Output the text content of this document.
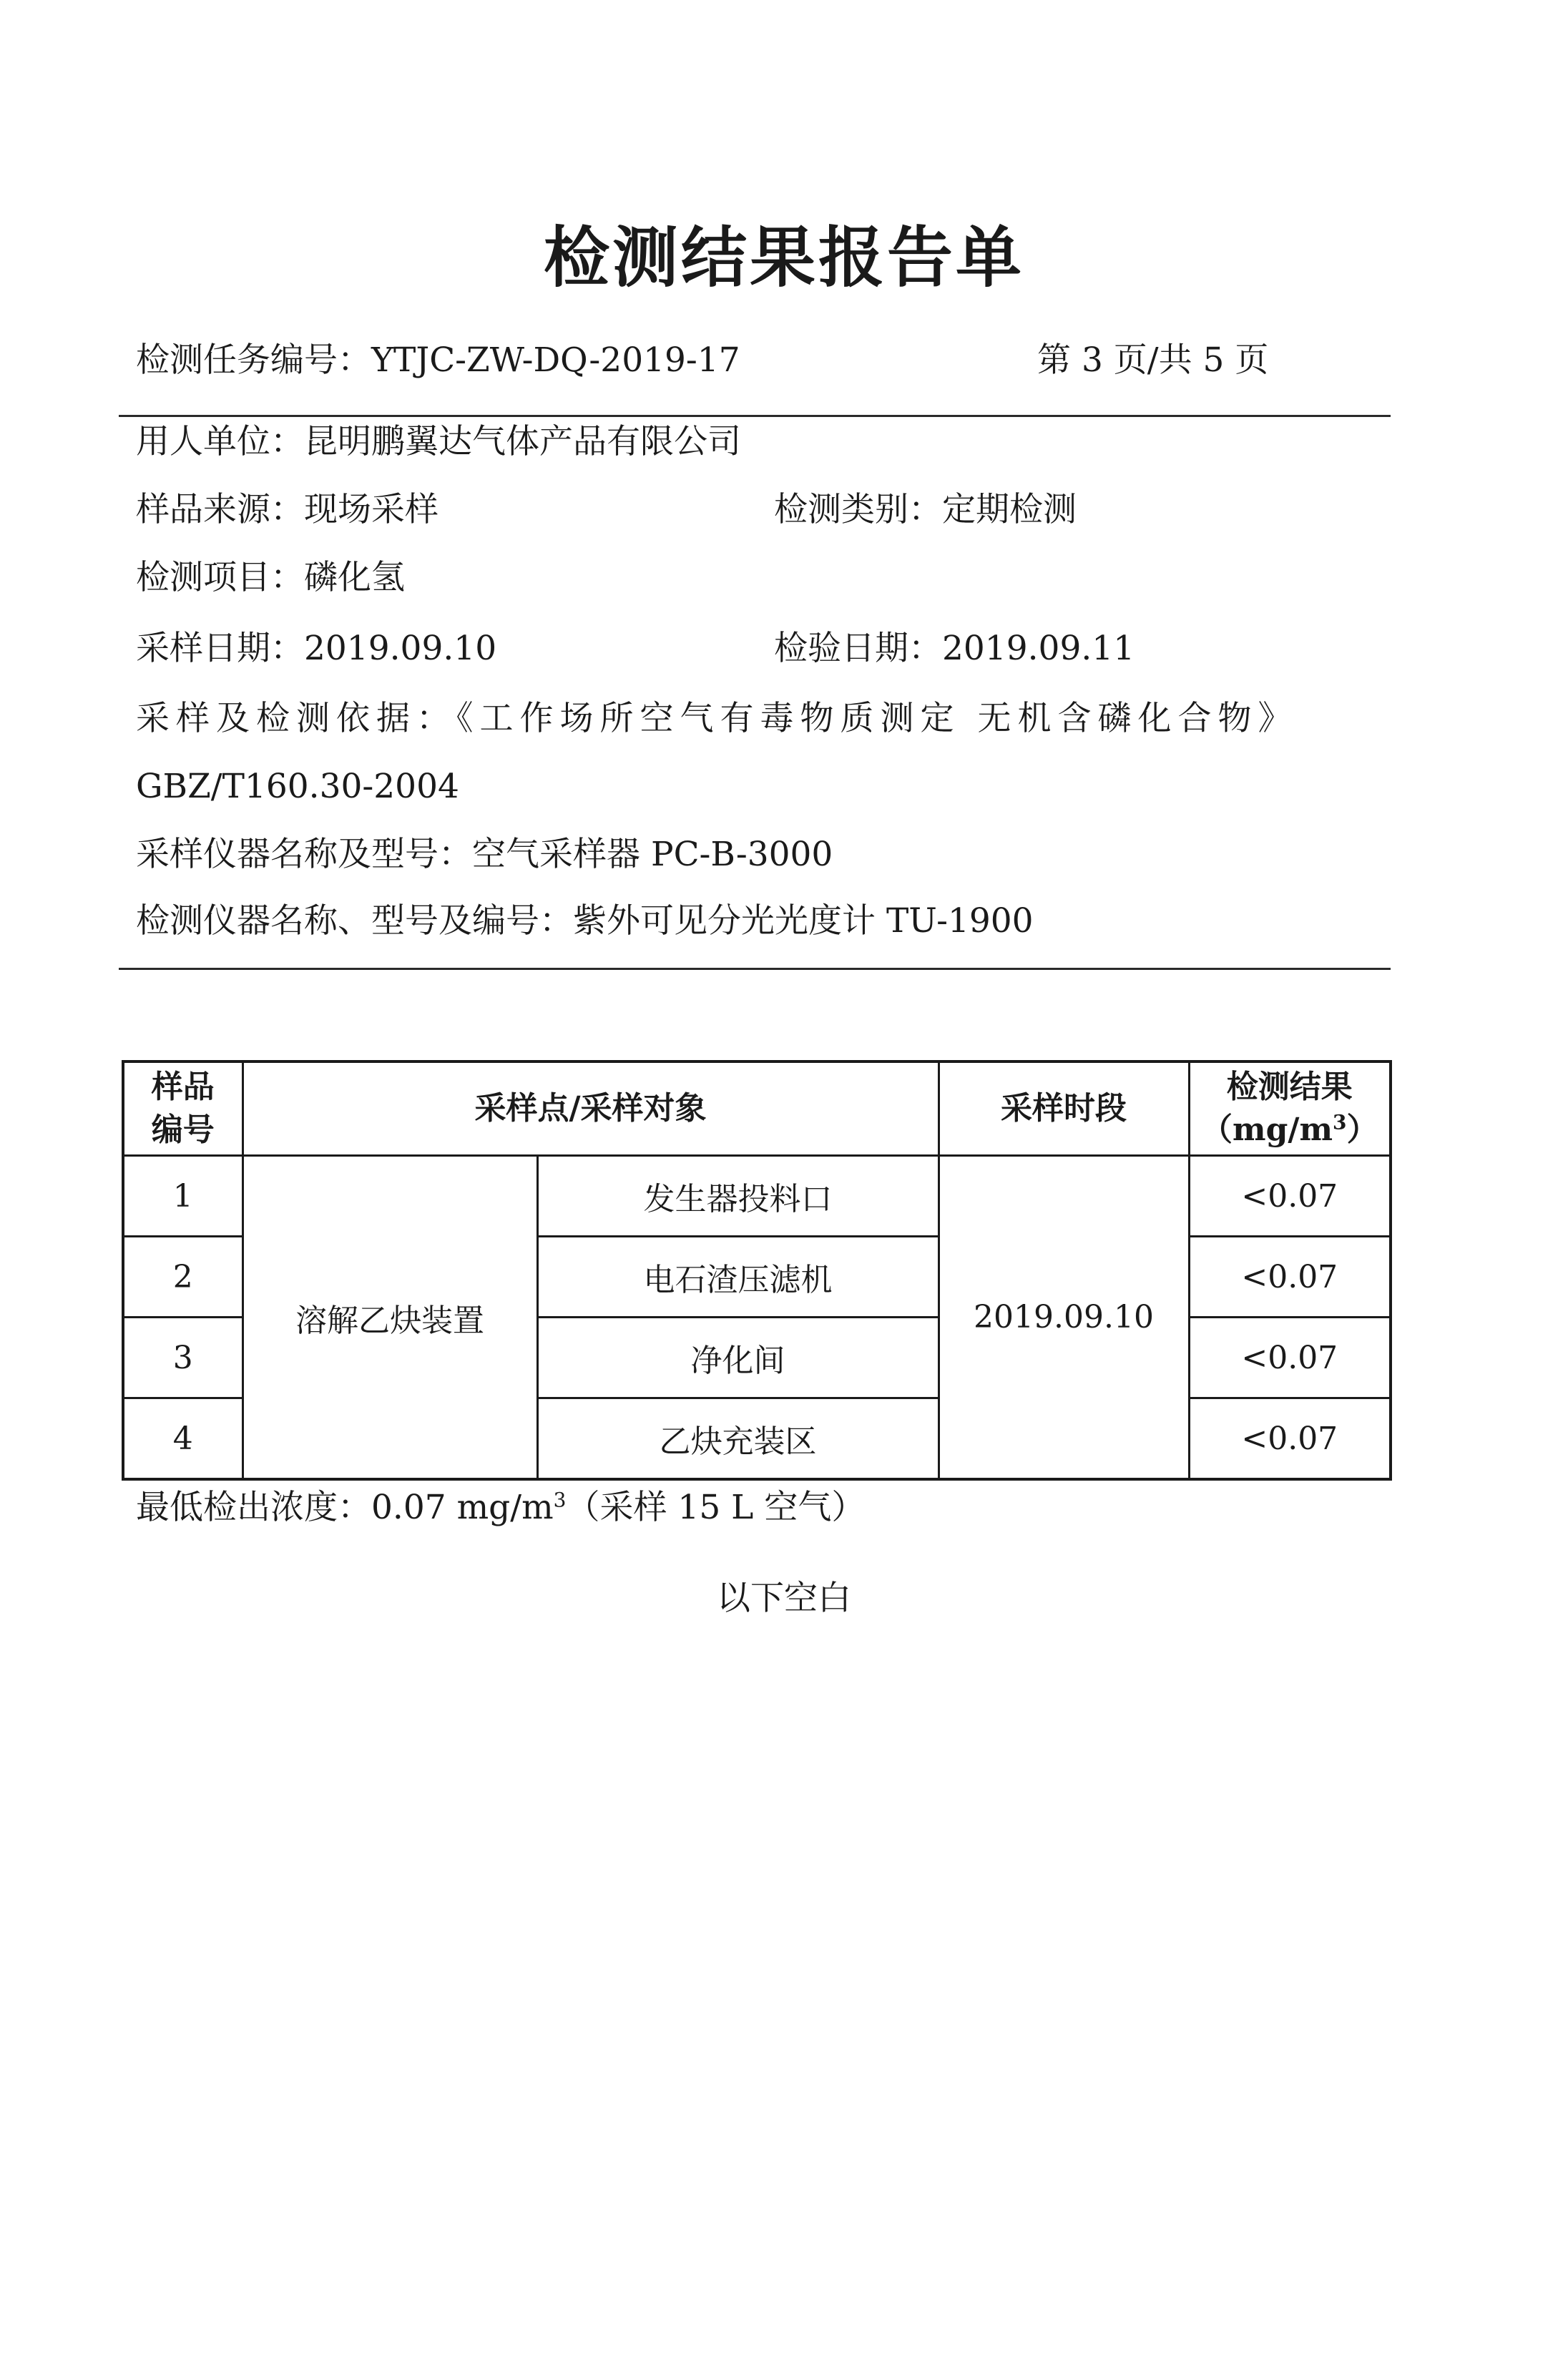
检测结果报告单
检测任务编号：YTJC-ZW-DQ-2019-17	第 3 页/共 5 页
用人单位：昆明鹏翼达气体产品有限公司
样品来源：现场采样	检测类别：定期检测
检测项目：磷化氢
采样日期：2019.09.10	检验日期：2019.09.11
采样及检测依据：《工作场所空气有毒物质测定 无机含磷化合物》
GBZ/T160.30-2004
采样仪器名称及型号：空气采样器 PC-B-3000
检测仪器名称、型号及编号：紫外可见分光光度计 TU-1900
样品
编号	采样点/采样对象		采样时段	检测结果
$(mg/m^3)$
1	溶解乙炔装置	发生器投料口	2019.09.10	<0.07
2		电石渣压滤机		<0.07
3		净化间		<0.07
4		乙炔充装区		<0.07
最低检出浓度：0.07 $mg/m^3$（采样 15 L 空气）
以下空白
